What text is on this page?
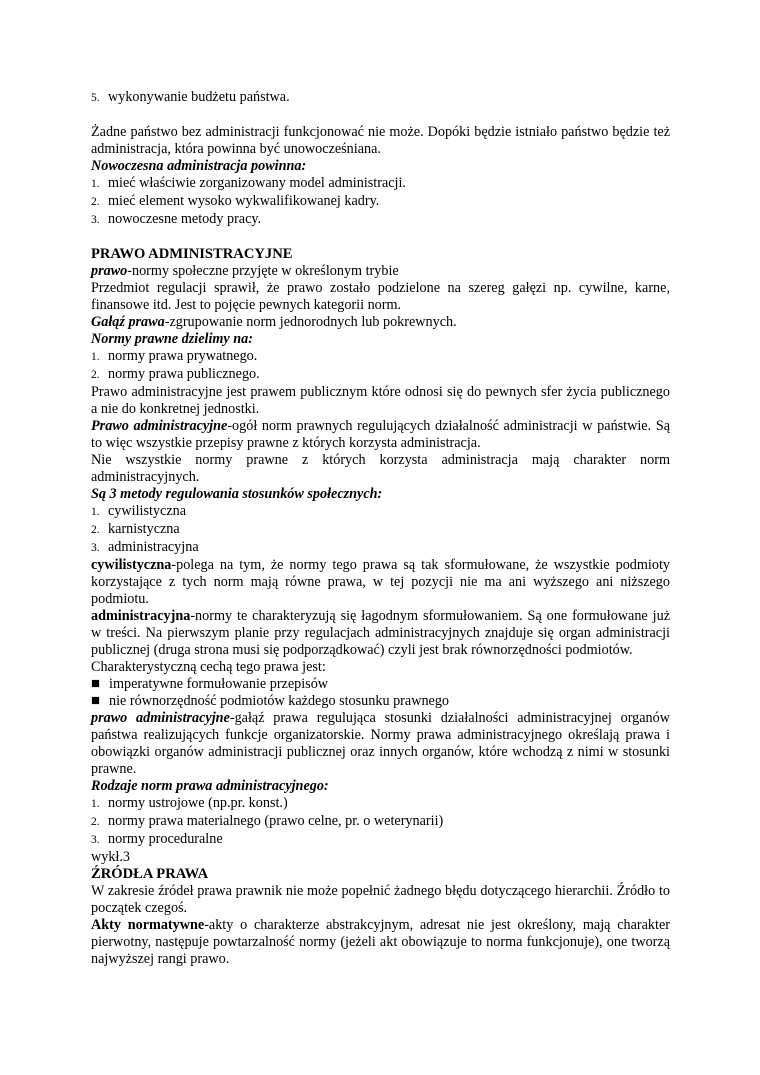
5. wykonywanie budżetu państwa.

Żadne państwo bez administracji funkcjonować nie może. Dopóki będzie istniało państwo będzie też administracja, która powinna być unowocześniana.

Nowoczesna administracja powinna:

1. mieć właściwie zorganizowany model administracji.
2. mieć element wysoko wykwalifikowanej kadry.
3. nowoczesne metody pracy.

PRAWO ADMINISTRACYJNE

prawo-normy społeczne przyjęte w określonym trybie

Przedmiot regulacji sprawił, że prawo zostało podzielone na szereg gałęzi np. cywilne, karne, finansowe itd. Jest to pojęcie pewnych kategorii norm.

Gałąź prawa-zgrupowanie norm jednorodnych lub pokrewnych.

Normy prawne dzielimy na:

1. normy prawa prywatnego.
2. normy prawa publicznego.

Prawo administracyjne jest prawem publicznym które odnosi się do pewnych sfer życia publicznego a nie do konkretnej jednostki.

Prawo administracyjne-ogół norm prawnych regulujących działalność administracji w państwie. Są to więc wszystkie przepisy prawne z których korzysta administracja.

Nie wszystkie normy prawne z których korzysta administracja mają charakter norm administracyjnych.

Są 3 metody regulowania stosunków społecznych:

1. cywilistyczna
2. karnistyczna
3. administracyjna

cywilistyczna-polega na tym, że normy tego prawa są tak sformułowane, że wszystkie podmioty korzystające z tych norm mają równe prawa, w tej pozycji nie ma ani wyższego ani niższego podmiotu.

administracyjna-normy te charakteryzują się łagodnym sformułowaniem. Są one formułowane już w treści. Na pierwszym planie przy regulacjach administracyjnych znajduje się organ administracji publicznej (druga strona musi się podporządkować) czyli jest brak równorzędności podmiotów.

Charakterystyczną cechą tego prawa jest:

imperatywne formułowanie przepisów
nie równorzędność podmiotów każdego stosunku prawnego

prawo administracyjne-gałąź prawa regulująca stosunki działalności administracyjnej organów państwa realizujących funkcje organizatorskie. Normy prawa administracyjnego określają prawa i obowiązki organów administracji publicznej oraz innych organów, które wchodzą z nimi w stosunki prawne.

Rodzaje norm prawa administracyjnego:

1. normy ustrojowe (np.pr. konst.)
2. normy prawa materialnego (prawo celne, pr. o weterynarii)
3. normy proceduralne

wykł.3

ŹRÓDŁA PRAWA

W zakresie źródeł prawa prawnik nie może popełnić żadnego błędu dotyczącego hierarchii. Źródło to początek czegoś.

Akty normatywne-akty o charakterze abstrakcyjnym, adresat nie jest określony, mają charakter pierwotny, następuje powtarzalność normy (jeżeli akt obowiązuje to norma funkcjonuje), one tworzą najwyższej rangi prawo.
